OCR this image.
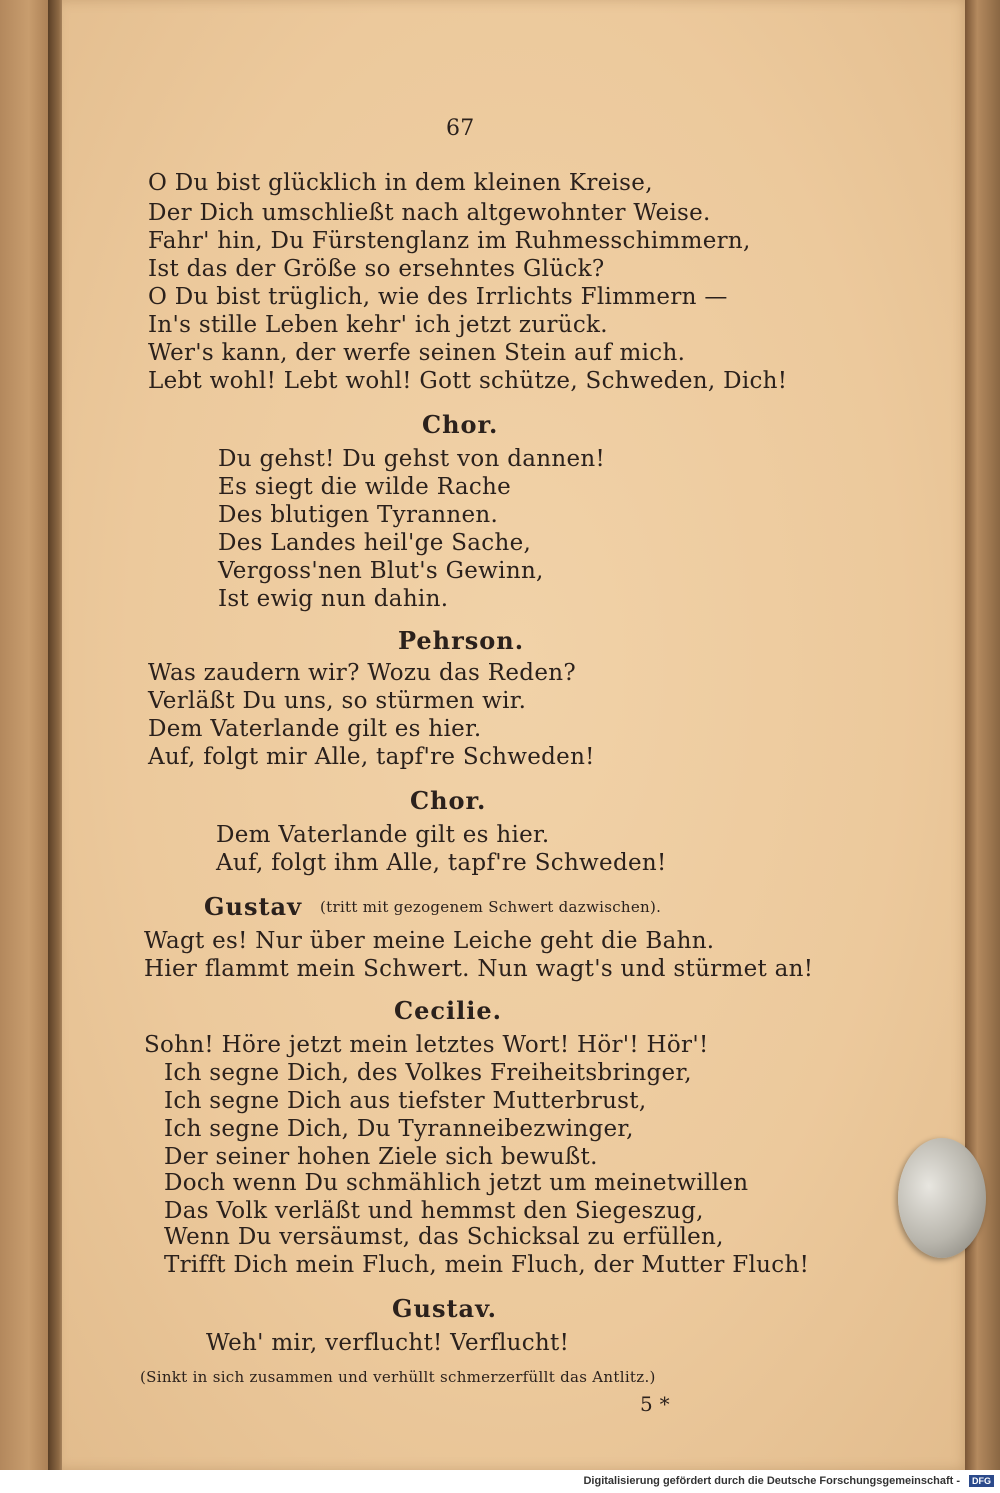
67
O Du bist glücklich in dem kleinen Kreise,
Der Dich umschließt nach altgewohnter Weise.
Fahr' hin, Du Fürstenglanz im Ruhmesschimmern,
Ist das der Größe so ersehntes Glück?
O Du bist trüglich, wie des Irrlichts Flimmern —
In's stille Leben kehr' ich jetzt zurück.
Wer's kann, der werfe seinen Stein auf mich.
Lebt wohl! Lebt wohl! Gott schütze, Schweden, Dich!
Chor.
Du gehst! Du gehst von dannen!
Es siegt die wilde Rache
Des blutigen Tyrannen.
Des Landes heil'ge Sache,
Vergoss'nen Blut's Gewinn,
Ist ewig nun dahin.
Pehrson.
Was zaudern wir? Wozu das Reden?
Verläßt Du uns, so stürmen wir.
Dem Vaterlande gilt es hier.
Auf, folgt mir Alle, tapf're Schweden!
Chor.
Dem Vaterlande gilt es hier.
Auf, folgt ihm Alle, tapf're Schweden!
Gustav (tritt mit gezogenem Schwert dazwischen).
Wagt es! Nur über meine Leiche geht die Bahn.
Hier flammt mein Schwert. Nun wagt's und stürmet an!
Cecilie.
Sohn! Höre jetzt mein letztes Wort! Hör'! Hör'!
Ich segne Dich, des Volkes Freiheitsbringer,
Ich segne Dich aus tiefster Mutterbrust,
Ich segne Dich, Du Tyranneibezwinger,
Der seiner hohen Ziele sich bewußt.
Doch wenn Du schmählich jetzt um meinetwillen
Das Volk verläßt und hemmst den Siegeszug,
Wenn Du versäumst, das Schicksal zu erfüllen,
Trifft Dich mein Fluch, mein Fluch, der Mutter Fluch!
Gustav.
Weh' mir, verflucht! Verflucht!
(Sinkt in sich zusammen und verhüllt schmerzerfüllt das Antlitz.)
5 *
Digitalisierung gefördert durch die Deutsche Forschungsgemeinschaft -	DFG
